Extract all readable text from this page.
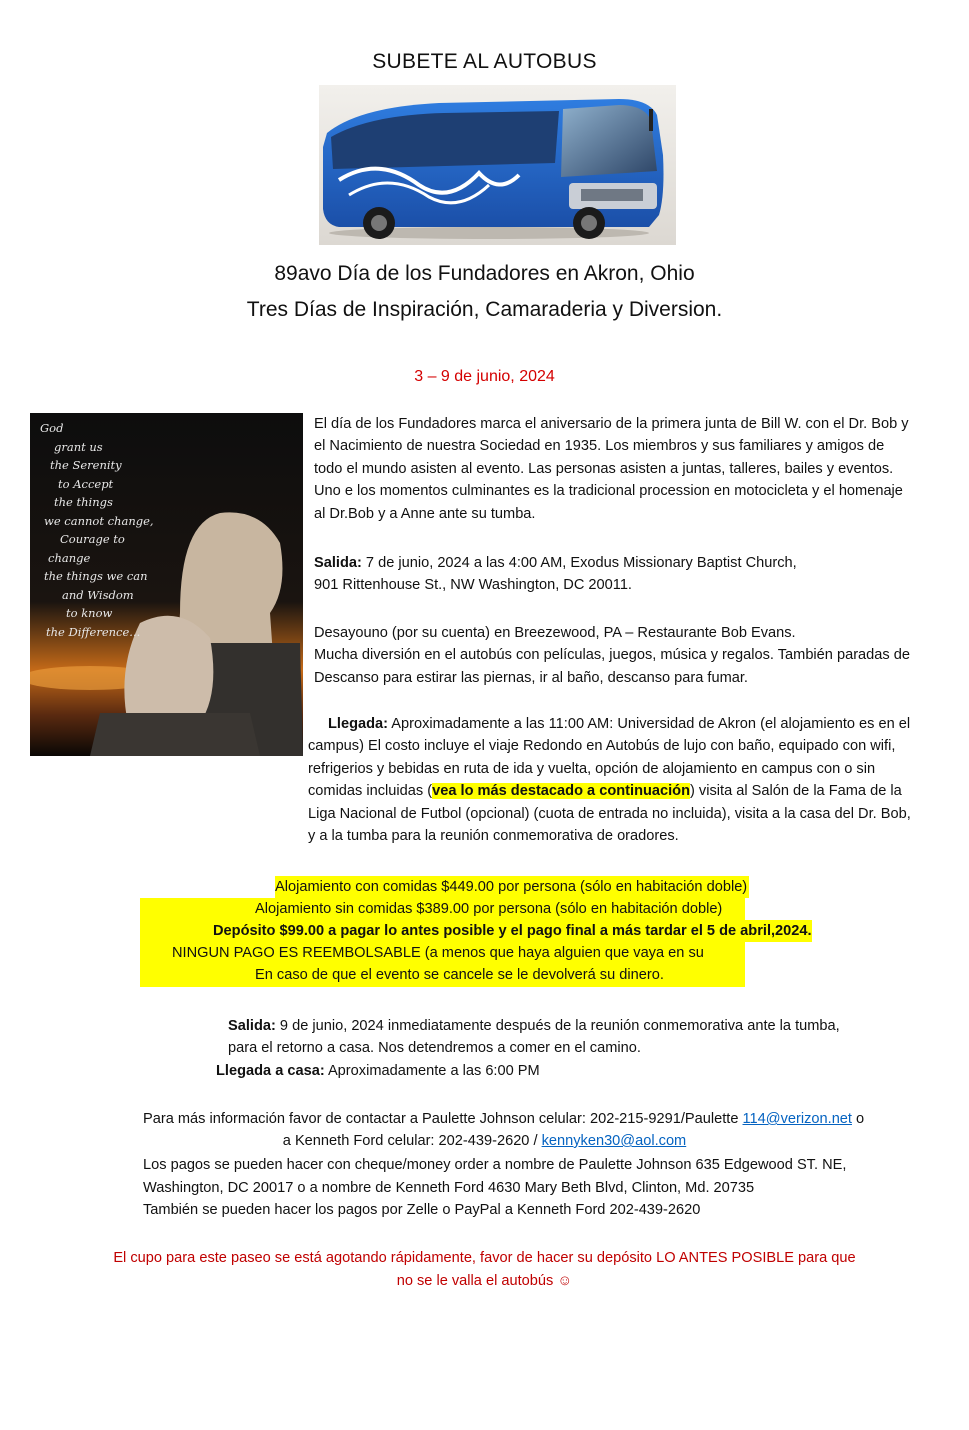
SUBETE AL AUTOBUS
89avo Día de los Fundadores en Akron, Ohio
Tres Días de Inspiración, Camaraderia y Diversion.
3 – 9 de junio, 2024
God
grant us
the Serenity
to Accept
the things
we cannot change,
Courage to
change
the things we can
and Wisdom
to know
the Difference...
El día de los Fundadores marca el aniversario de la primera junta de Bill W. con el Dr. Bob y el Nacimiento de nuestra Sociedad en 1935. Los miembros y sus familiares y amigos de todo el mundo asisten al evento. Las personas asisten a juntas, talleres, bailes y eventos. Uno e los momentos culminantes es la tradicional procession en motocicleta y el homenaje al Dr.Bob y a Anne ante su tumba.
Salida: 7 de junio, 2024 a las 4:00 AM, Exodus Missionary Baptist Church,
901 Rittenhouse St., NW Washington, DC 20011.
Desayouno (por su cuenta) en Breezewood, PA – Restaurante Bob Evans.
Mucha diversión en el autobús con películas, juegos, música y regalos. También paradas de Descanso para estirar las piernas, ir al baño, descanso para fumar.
Llegada: Aproximadamente a las 11:00 AM: Universidad de Akron (el alojamiento es en el campus) El costo incluye el viaje Redondo en Autobús de lujo con baño, equipado con wifi, refrigerios y bebidas en ruta de ida y vuelta, opción de alojamiento en campus con o sin comidas incluidas (vea lo más destacado a continuación) visita al Salón de la Fama de la Liga Nacional de Futbol (opcional) (cuota de entrada no incluida), visita a la casa del Dr. Bob, y a la tumba para la reunión conmemorativa de oradores.
Alojamiento con comidas $449.00 por persona (sólo en habitación doble)
Alojamiento sin comidas $389.00 por persona (sólo en habitación doble)
Depósito $99.00 a pagar lo antes posible y el pago final a más tardar el 5 de abril,2024.
NINGUN PAGO ES REEMBOLSABLE (a menos que haya alguien que vaya en su
En caso de que el evento se cancele se le devolverá su dinero.
Salida: 9 de junio, 2024 inmediatamente después de la reunión conmemorativa ante la tumba,
para el retorno a casa. Nos detendremos a comer en el camino.
Llegada a casa: Aproximadamente a las 6:00 PM
Para más información favor de contactar a Paulette Johnson celular: 202-215-9291/Paulette 114@verizon.net o
a Kenneth Ford celular: 202-439-2620 / kennyken30@aol.com
Los pagos se pueden hacer con cheque/money order a nombre de Paulette Johnson 635 Edgewood ST. NE,
Washington, DC 20017 o a nombre de Kenneth Ford 4630 Mary Beth Blvd, Clinton, Md. 20735
También se pueden hacer los pagos por Zelle o PayPal a Kenneth Ford 202-439-2620
El cupo para este paseo se está agotando rápidamente, favor de hacer su depósito LO ANTES POSIBLE para que
no se le valla el autobús ☺
